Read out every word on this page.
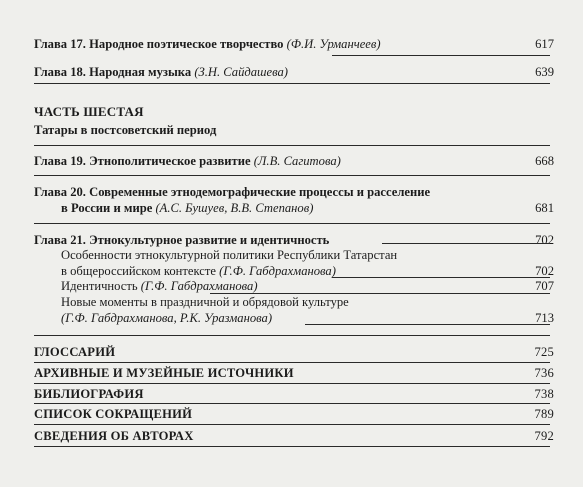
Глава 17. Народное поэтическое творчество (Ф.И. Урманчеев)	617
Глава 18. Народная музыка (З.Н. Сайдашева)	639
ЧАСТЬ ШЕСТАЯ
Татары в постсоветский период
Глава 19. Этнополитическое развитие (Л.В. Сагитова)	668
Глава 20. Современные этнодемографические процессы и расселение
в России и мире (А.С. Бушуев, В.В. Степанов)	681
Глава 21. Этнокультурное развитие и идентичность	702
Особенности этнокультурной политики Республики Татарстан
в общероссийском контексте (Г.Ф. Габдрахманова)	702
Идентичность (Г.Ф. Габдрахманова)	707
Новые моменты в праздничной и обрядовой культуре
(Г.Ф. Габдрахманова, Р.К. Уразманова)	713
ГЛОССАРИЙ	725
АРХИВНЫЕ И МУЗЕЙНЫЕ ИСТОЧНИКИ	736
БИБЛИОГРАФИЯ	738
СПИСОК СОКРАЩЕНИЙ	789
СВЕДЕНИЯ ОБ АВТОРАХ	792
